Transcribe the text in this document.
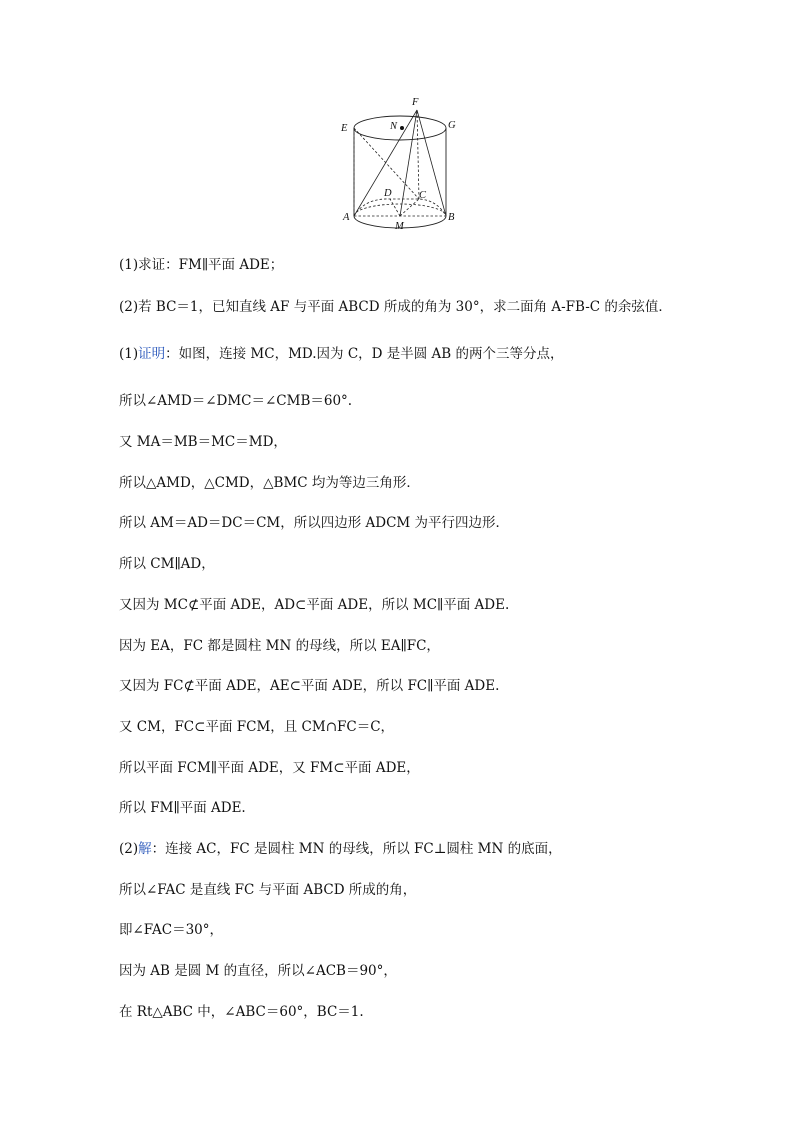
F
E	N	G
D	C
A	B
M
(1)求证：FM∥平面 ADE；
(2)若 BC＝1，已知直线 AF 与平面 ABCD 所成的角为 30°，求二面角 A-FB-C 的余弦值．
(1)证明：如图，连接 MC，MD.因为 C，D 是半圆 AB 的两个三等分点，
所以∠AMD＝∠DMC＝∠CMB＝60°.
又 MA＝MB＝MC＝MD，
所以△AMD，△CMD，△BMC 均为等边三角形．
所以 AM＝AD＝DC＝CM，所以四边形 ADCM 为平行四边形．
所以 CM∥AD，
又因为 MC⊄平面 ADE，AD⊂平面 ADE，所以 MC∥平面 ADE.
因为 EA，FC 都是圆柱 MN 的母线，所以 EA∥FC，
又因为 FC⊄平面 ADE，AE⊂平面 ADE，所以 FC∥平面 ADE.
又 CM，FC⊂平面 FCM，且 CM∩FC＝C，
所以平面 FCM∥平面 ADE，又 FM⊂平面 ADE，
所以 FM∥平面 ADE.
(2)解：连接 AC，FC 是圆柱 MN 的母线，所以 FC⊥圆柱 MN 的底面，
所以∠FAC 是直线 FC 与平面 ABCD 所成的角，
即∠FAC＝30°，
因为 AB 是圆 M 的直径，所以∠ACB＝90°，
在 Rt△ABC 中，∠ABC＝60°，BC＝1.
